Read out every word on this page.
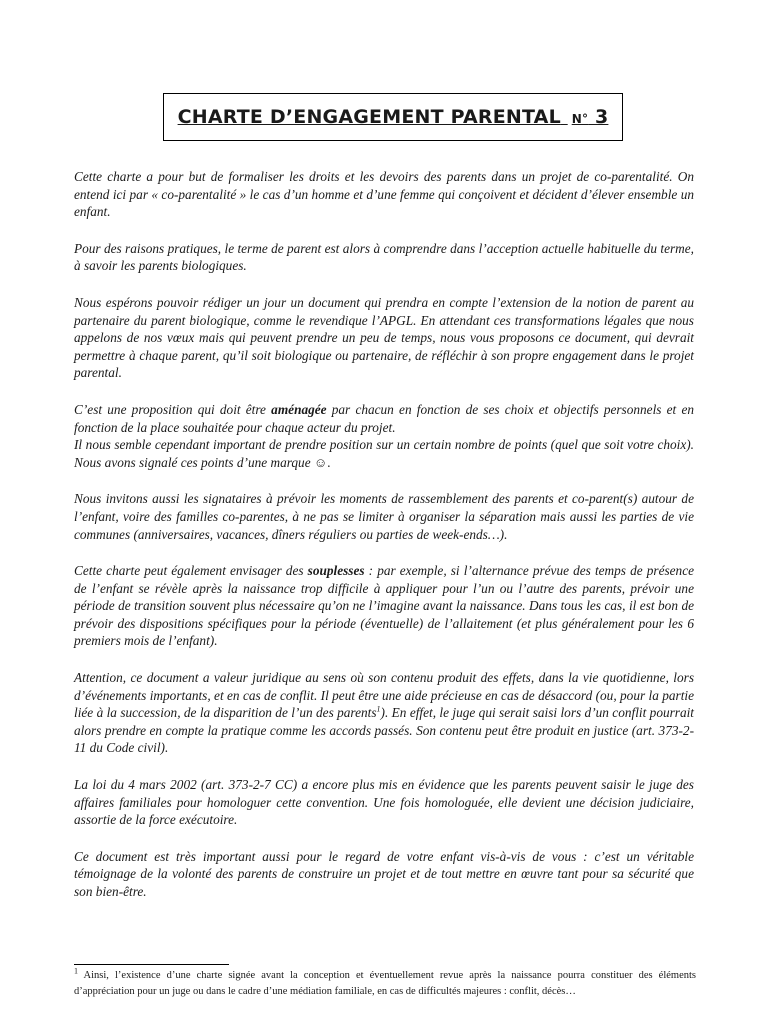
CHARTE D’ENGAGEMENT PARENTAL N° 3

Cette charte a pour but de formaliser les droits et les devoirs des parents dans un projet de co-parentalité. On entend ici par « co-parentalité » le cas d’un homme et d’une femme qui conçoivent et décident d’élever ensemble un enfant.

Pour des raisons pratiques, le terme de parent est alors à comprendre dans l’acception actuelle habituelle du terme, à savoir les parents biologiques.

Nous espérons pouvoir rédiger un jour un document qui prendra en compte l’extension de la notion de parent au partenaire du parent biologique, comme le revendique l’APGL. En attendant ces transformations légales que nous appelons de nos vœux mais qui peuvent prendre un peu de temps, nous vous proposons ce document, qui devrait permettre à chaque parent, qu’il soit biologique ou partenaire, de réfléchir à son propre engagement dans le projet parental.

C’est une proposition qui doit être aménagée par chacun en fonction de ses choix et objectifs personnels et en fonction de la place souhaitée pour chaque acteur du projet.

Il nous semble cependant important de prendre position sur un certain nombre de points (quel que soit votre choix). Nous avons signalé ces points d’une marque ☺.

Nous invitons aussi les signataires à prévoir les moments de rassemblement des parents et co-parent(s) autour de l’enfant, voire des familles co-parentes, à ne pas se limiter à organiser la séparation mais aussi les parties de vie communes (anniversaires, vacances, dîners réguliers ou parties de week-ends…).

Cette charte peut également envisager des souplesses : par exemple, si l’alternance prévue des temps de présence de l’enfant se révèle après la naissance trop difficile à appliquer pour l’un ou l’autre des parents, prévoir une période de transition souvent plus nécessaire qu’on ne l’imagine avant la naissance. Dans tous les cas, il est bon de prévoir des dispositions spécifiques pour la période (éventuelle) de l’allaitement (et plus généralement pour les 6 premiers mois de l’enfant).

Attention, ce document a valeur juridique au sens où son contenu produit des effets, dans la vie quotidienne, lors d’événements importants, et en cas de conflit. Il peut être une aide précieuse en cas de désaccord (ou, pour la partie liée à la succession, de la disparition de l’un des parents$^1$). En effet, le juge qui serait saisi lors d’un conflit pourrait alors prendre en compte la pratique comme les accords passés. Son contenu peut être produit en justice (art. 373-2-11 du Code civil).

La loi du 4 mars 2002 (art. 373-2-7 CC) a encore plus mis en évidence que les parents peuvent saisir le juge des affaires familiales pour homologuer cette convention. Une fois homologuée, elle devient une décision judiciaire, assortie de la force exécutoire.

Ce document est très important aussi pour le regard de votre enfant vis-à-vis de vous : c’est un véritable témoignage de la volonté des parents de construire un projet et de tout mettre en œuvre tant pour sa sécurité que son bien-être.

$^1$ Ainsi, l’existence d’une charte signée avant la conception et éventuellement revue après la naissance pourra constituer des éléments d’appréciation pour un juge ou dans le cadre d’une médiation familiale, en cas de difficultés majeures : conflit, décès…
